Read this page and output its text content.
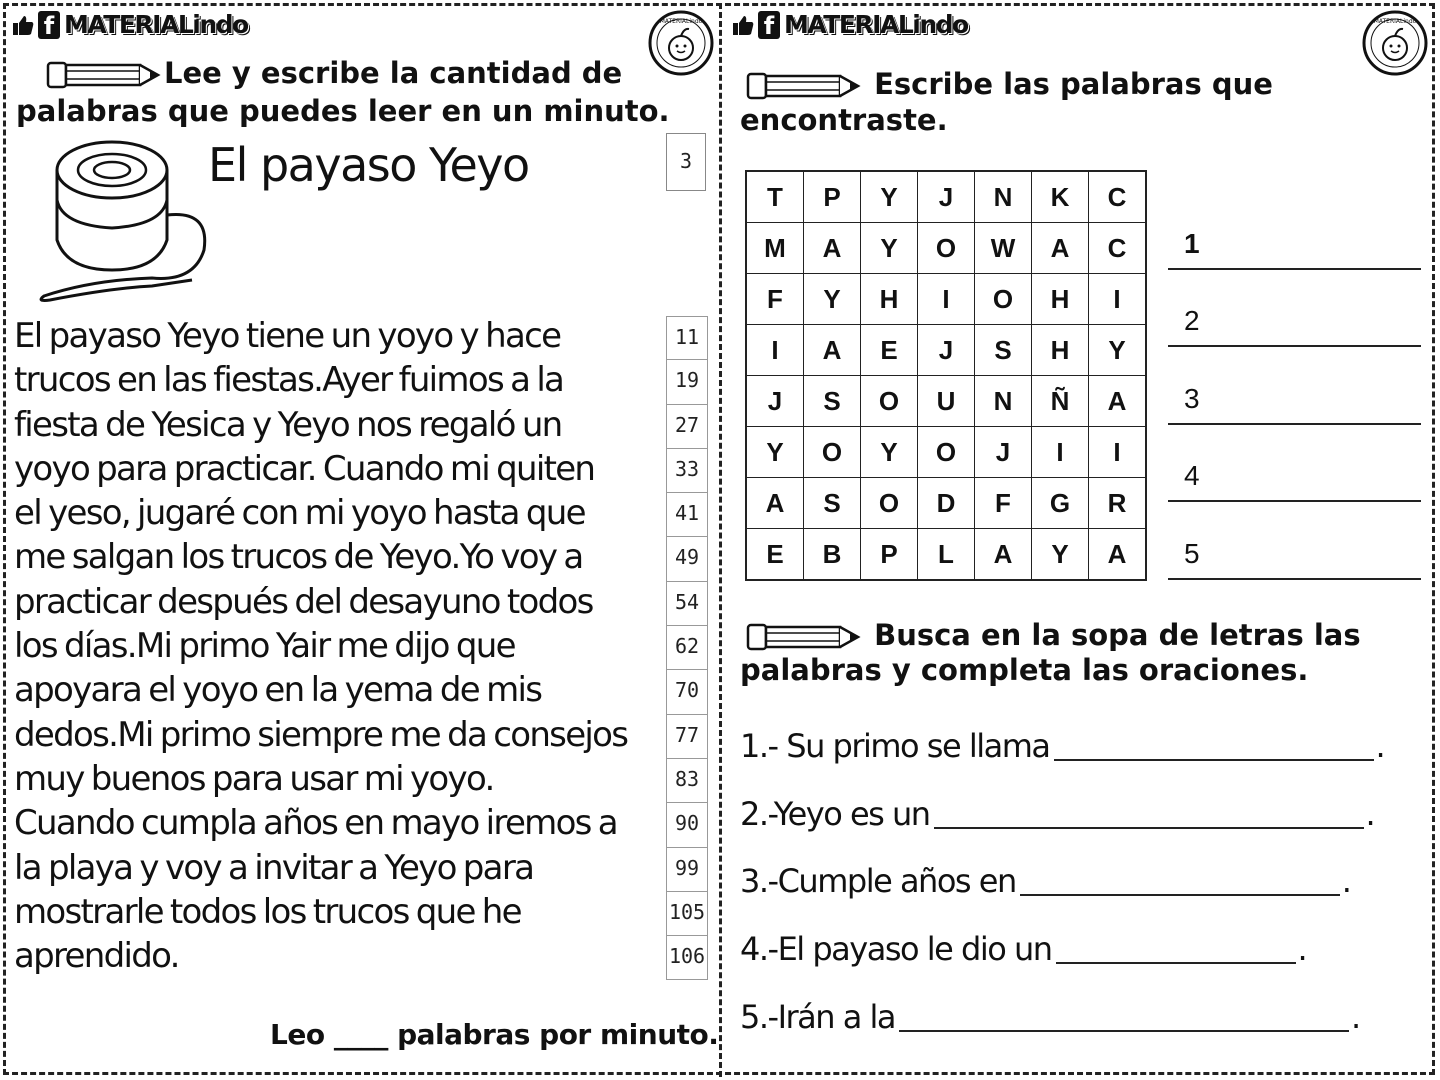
f MATERIALindo	MATERIALindo
Lee y escribe la cantidad de
palabras que puedes leer en un minuto.
El payaso Yeyo	3
El payaso Yeyo tiene un yoyo y hace
trucos en las fiestas.Ayer fuimos a la
fiesta de Yesica y Yeyo nos regaló un
yoyo para practicar. Cuando mi quiten
el yeso, jugaré con mi yoyo hasta que
me salgan los trucos de Yeyo.Yo voy a
practicar después del desayuno todos
los días.Mi primo Yair me dijo que
apoyara el yoyo en la yema de mis
dedos.Mi primo siempre me da consejos
muy buenos para usar mi yoyo.
Cuando cumpla años en mayo iremos a
la playa y voy a invitar a Yeyo para
mostrarle todos los trucos que he
aprendido.
11
19
27
33
41
49
54
62
70
77
83
90
99
105
106
Leo ____ palabras por minuto.
f MATERIALindo	MATERIALindo
Escribe las palabras que
encontraste.
T	P	Y	J	N	K	C
M	A	Y	O	W	A	C
F	Y	H	I	O	H	I
I	A	E	J	S	H	Y
J	S	O	U	N	Ñ	A
Y	O	Y	O	J	I	I
A	S	O	D	F	G	R
E	B	P	L	A	Y	A
1
2
3
4
5
Busca en la sopa de letras las
palabras y completa las oraciones.
1.- Su primo se llama	.
2.-Yeyo es un	.
3.-Cumple años en	.
4.-El payaso le dio un	.
5.-Irán a la	.
